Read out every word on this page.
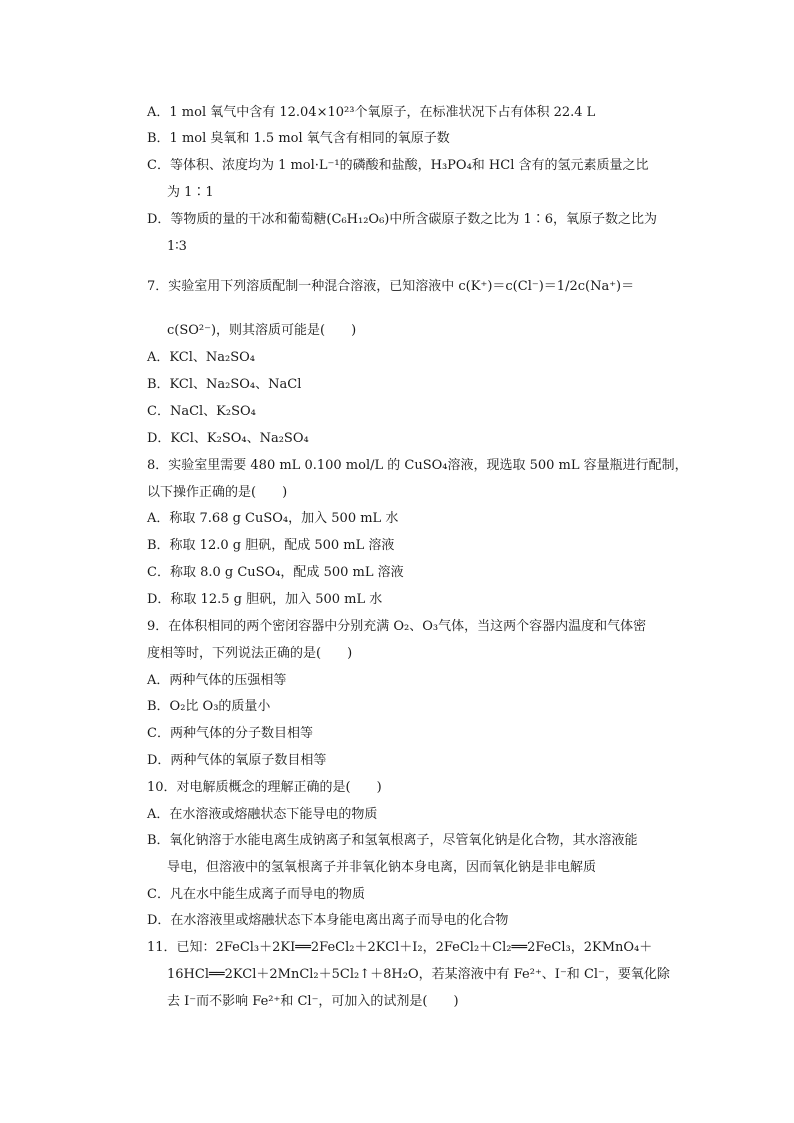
A．1 mol 氧气中含有 12.04×10²³个氧原子，在标准状况下占有体积 22.4 L
B．1 mol 臭氧和 1.5 mol 氧气含有相同的氧原子数
C．等体积、浓度均为 1 mol·L⁻¹的磷酸和盐酸，H₃PO₄和 HCl 含有的氢元素质量之比
为 1∶1
D．等物质的量的干冰和葡萄糖(C₆H₁₂O₆)中所含碳原子数之比为 1∶6，氧原子数之比为
1∶3
7．实验室用下列溶质配制一种混合溶液，已知溶液中 c(K⁺)＝c(Cl⁻)＝1/2c(Na⁺)＝
c(SO²⁻)，则其溶质可能是(　　)
A．KCl、Na₂SO₄
B．KCl、Na₂SO₄、NaCl
C．NaCl、K₂SO₄
D．KCl、K₂SO₄、Na₂SO₄
8．实验室里需要 480 mL 0.100 mol/L 的 CuSO₄溶液，现选取 500 mL 容量瓶进行配制，
以下操作正确的是(　　)
A．称取 7.68 g CuSO₄，加入 500 mL 水
B．称取 12.0 g 胆矾，配成 500 mL 溶液
C．称取 8.0 g CuSO₄，配成 500 mL 溶液
D．称取 12.5 g 胆矾，加入 500 mL 水
9．在体积相同的两个密闭容器中分别充满 O₂、O₃气体，当这两个容器内温度和气体密
度相等时，下列说法正确的是(　　)
A．两种气体的压强相等
B．O₂比 O₃的质量小
C．两种气体的分子数目相等
D．两种气体的氧原子数目相等
10．对电解质概念的理解正确的是(　　)
A．在水溶液或熔融状态下能导电的物质
B．氧化钠溶于水能电离生成钠离子和氢氧根离子，尽管氧化钠是化合物，其水溶液能
导电，但溶液中的氢氧根离子并非氧化钠本身电离，因而氧化钠是非电解质
C．凡在水中能生成离子而导电的物质
D．在水溶液里或熔融状态下本身能电离出离子而导电的化合物
11．已知：2FeCl₃＋2KI══2FeCl₂＋2KCl＋I₂，2FeCl₂＋Cl₂══2FeCl₃，2KMnO₄＋
16HCl══2KCl＋2MnCl₂＋5Cl₂↑＋8H₂O，若某溶液中有 Fe²⁺、I⁻和 Cl⁻，要氧化除
去 I⁻而不影响 Fe²⁺和 Cl⁻，可加入的试剂是(　　)
